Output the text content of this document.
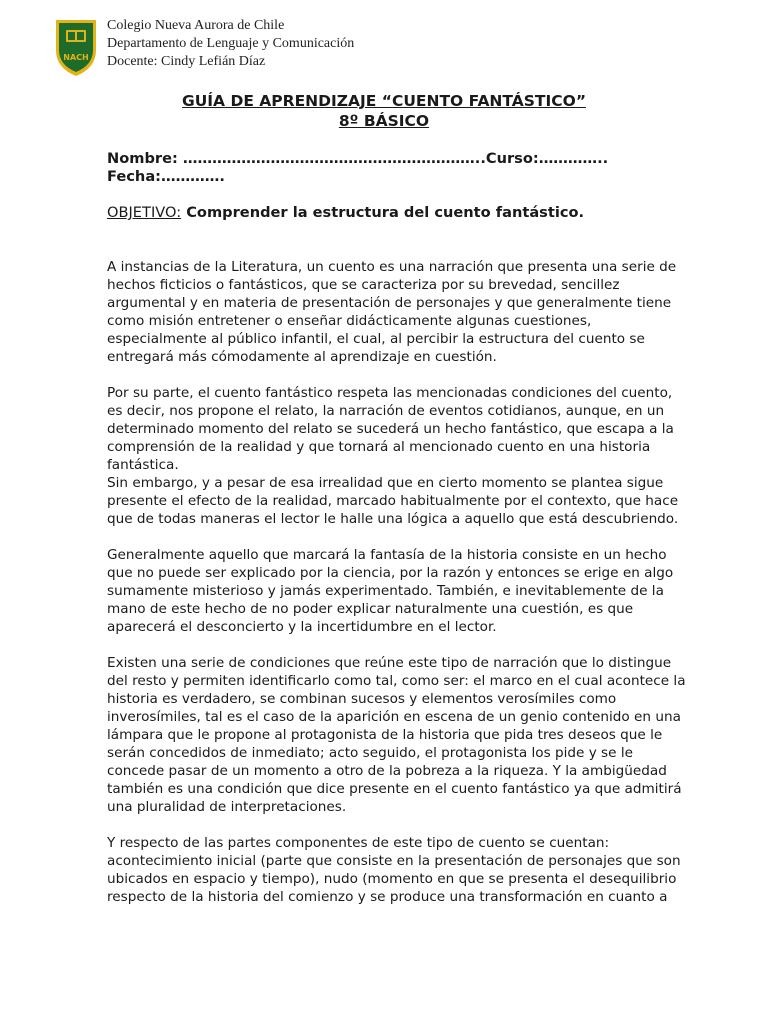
NACH
Colegio Nueva Aurora de Chile
Departamento de Lenguaje y Comunicación
Docente: Cindy Lefián Díaz
GUÍA DE APRENDIZAJE “CUENTO FANTÁSTICO”
8º BÁSICO
Nombre: ……………………………………………………..Curso:…………..
Fecha:………….
OBJETIVO: Comprender la estructura del cuento fantástico.

A instancias de la Literatura, un cuento es una narración que presenta una serie de hechos ficticios o fantásticos, que se caracteriza por su brevedad, sencillez argumental y en materia de presentación de personajes y que generalmente tiene como misión entretener o enseñar didácticamente algunas cuestiones, especialmente al público infantil, el cual, al percibir la estructura del cuento se entregará más cómodamente al aprendizaje en cuestión.

Por su parte, el cuento fantástico respeta las mencionadas condiciones del cuento, es decir, nos propone el relato, la narración de eventos cotidianos, aunque, en un determinado momento del relato se sucederá un hecho fantástico, que escapa a la comprensión de la realidad y que tornará al mencionado cuento en una historia fantástica.
Sin embargo, y a pesar de esa irrealidad que en cierto momento se plantea sigue presente el efecto de la realidad, marcado habitualmente por el contexto, que hace que de todas maneras el lector le halle una lógica a aquello que está descubriendo.

Generalmente aquello que marcará la fantasía de la historia consiste en un hecho que no puede ser explicado por la ciencia, por la razón y entonces se erige en algo sumamente misterioso y jamás experimentado. También, e inevitablemente de la mano de este hecho de no poder explicar naturalmente una cuestión, es que aparecerá el desconcierto y la incertidumbre en el lector.

Existen una serie de condiciones que reúne este tipo de narración que lo distingue del resto y permiten identificarlo como tal, como ser: el marco en el cual acontece la historia es verdadero, se combinan sucesos y elementos verosímiles como inverosímiles, tal es el caso de la aparición en escena de un genio contenido en una lámpara que le propone al protagonista de la historia que pida tres deseos que le serán concedidos de inmediato; acto seguido, el protagonista los pide y se le concede pasar de un momento a otro de la pobreza a la riqueza. Y la ambigüedad también es una condición que dice presente en el cuento fantástico ya que admitirá una pluralidad de interpretaciones.

Y respecto de las partes componentes de este tipo de cuento se cuentan: acontecimiento inicial (parte que consiste en la presentación de personajes que son ubicados en espacio y tiempo), nudo (momento en que se presenta el desequilibrio respecto de la historia del comienzo y se produce una transformación en cuanto a
